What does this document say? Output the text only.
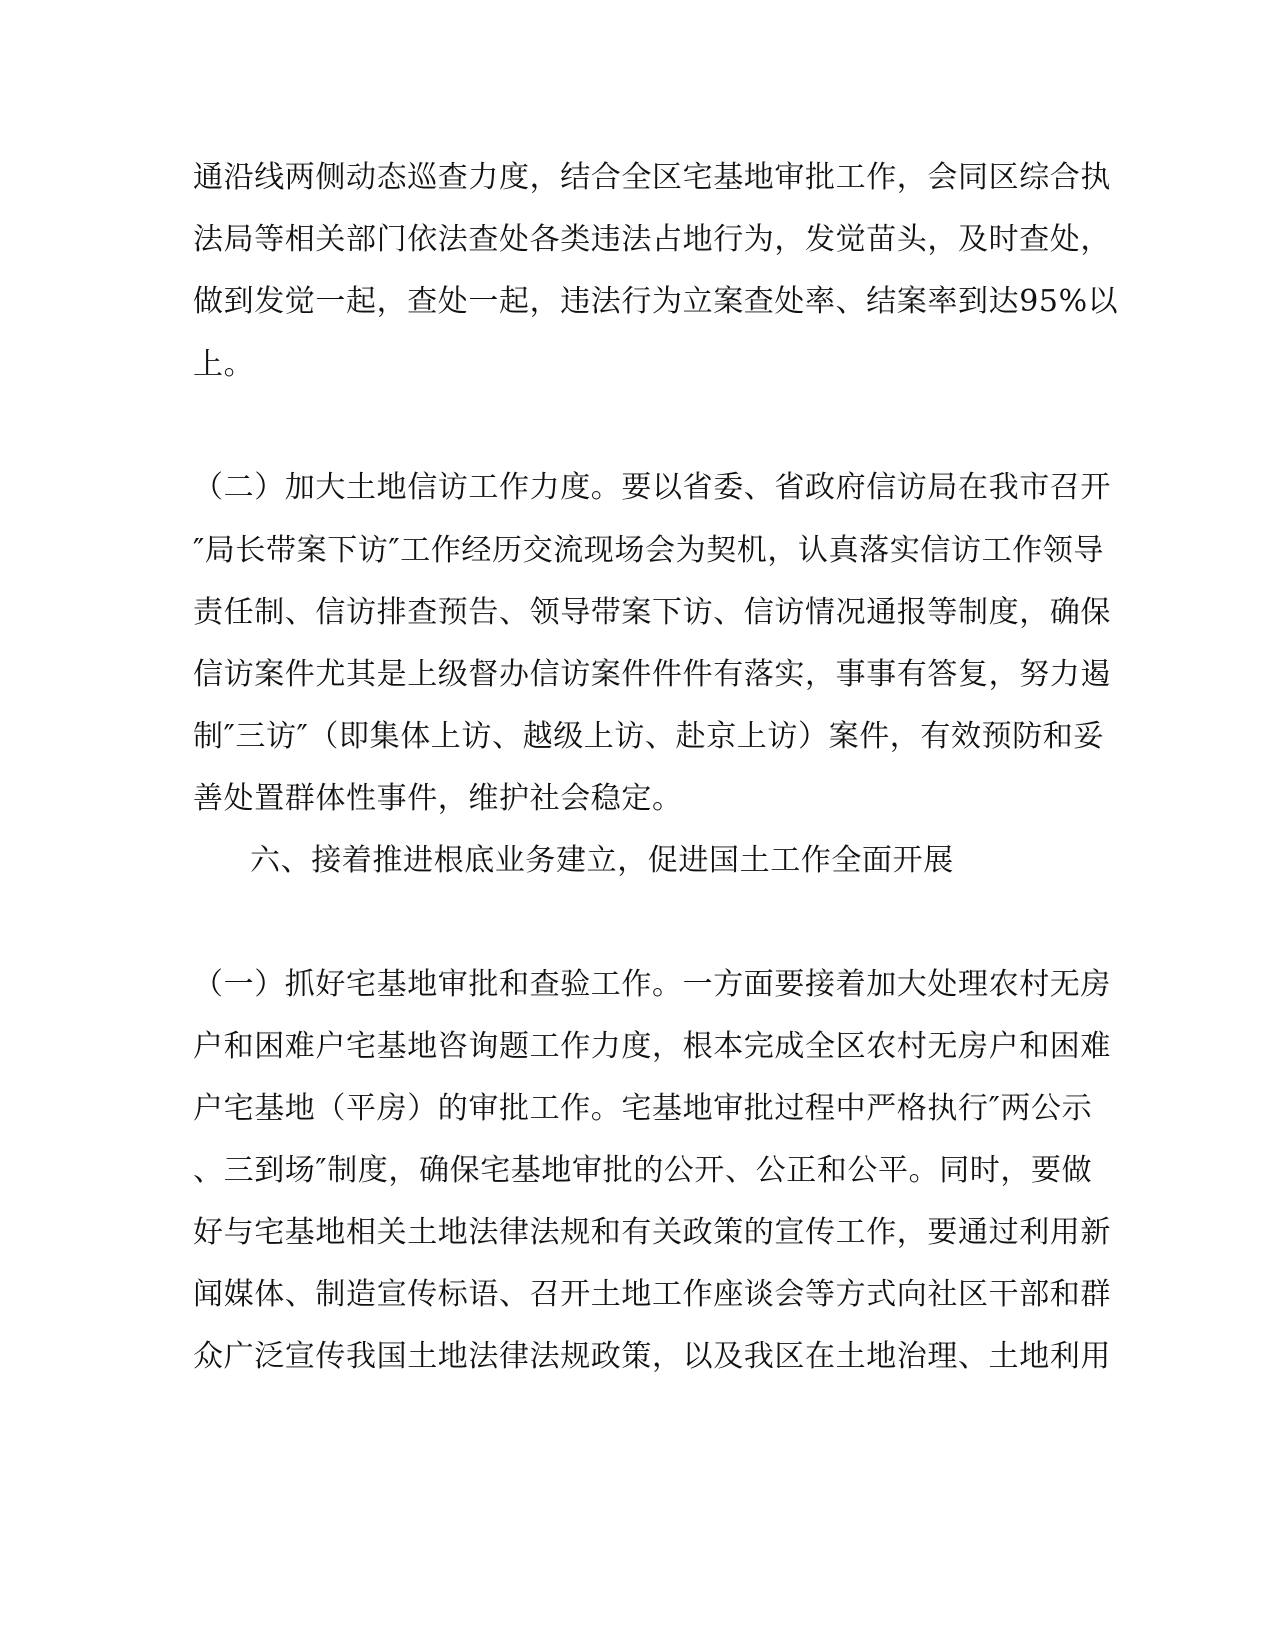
通沿线两侧动态巡查力度，结合全区宅基地审批工作，会同区综合执
法局等相关部门依法查处各类违法占地行为，发觉苗头，及时查处，
做到发觉一起，查处一起，违法行为立案查处率、结案率到达95%以
上。
（二）加大土地信访工作力度。要以省委、省政府信访局在我市召开
″局长带案下访″工作经历交流现场会为契机，认真落实信访工作领导
责任制、信访排查预告、领导带案下访、信访情况通报等制度，确保
信访案件尤其是上级督办信访案件件件有落实，事事有答复，努力遏
制″三访″（即集体上访、越级上访、赴京上访）案件，有效预防和妥
善处置群体性事件，维护社会稳定。
六、接着推进根底业务建立，促进国土工作全面开展
（一）抓好宅基地审批和查验工作。一方面要接着加大处理农村无房
户和困难户宅基地咨询题工作力度，根本完成全区农村无房户和困难
户宅基地（平房）的审批工作。宅基地审批过程中严格执行″两公示
、三到场″制度，确保宅基地审批的公开、公正和公平。同时，要做
好与宅基地相关土地法律法规和有关政策的宣传工作，要通过利用新
闻媒体、制造宣传标语、召开土地工作座谈会等方式向社区干部和群
众广泛宣传我国土地法律法规政策，以及我区在土地治理、土地利用
